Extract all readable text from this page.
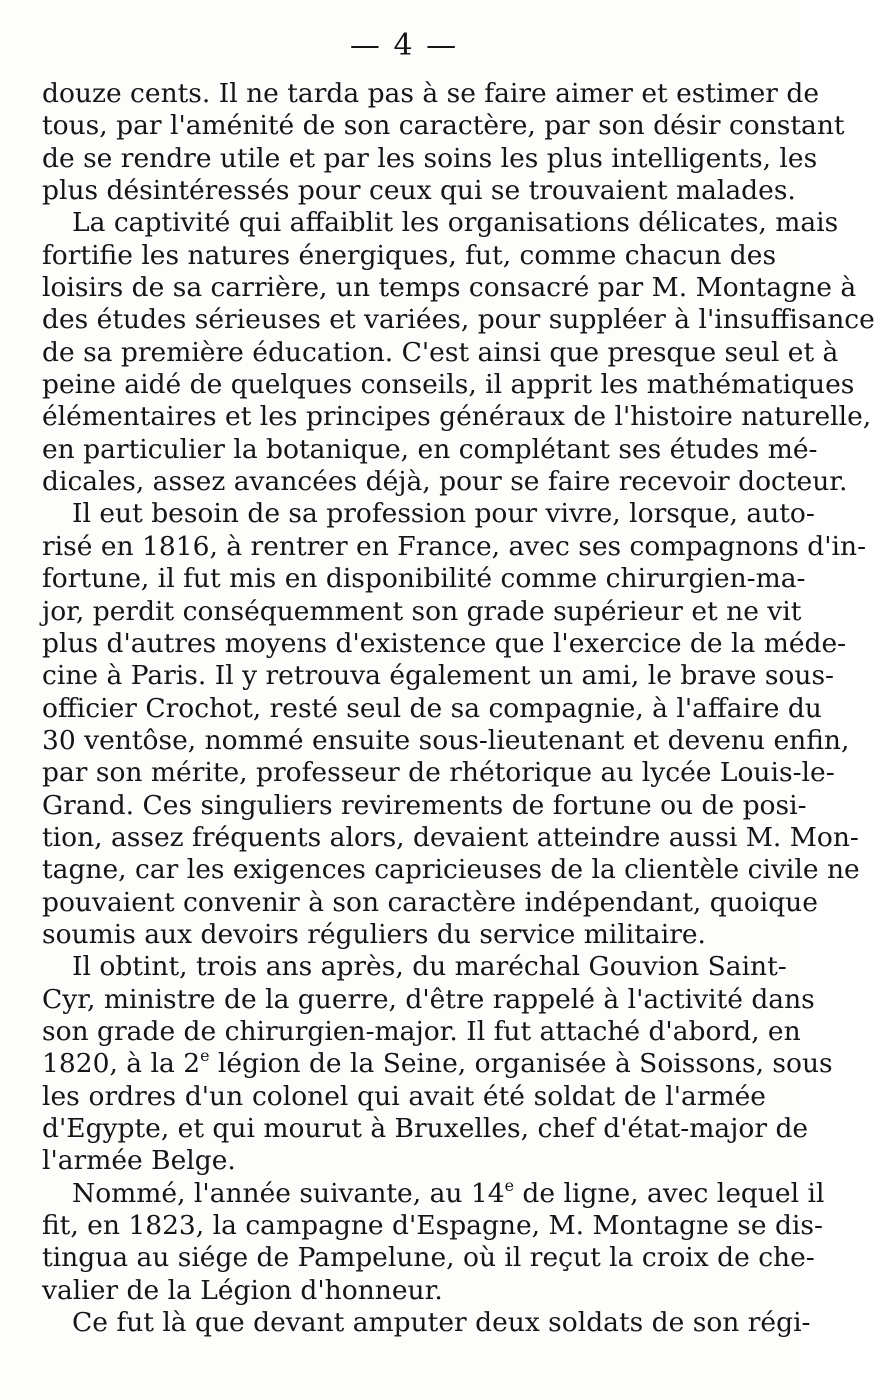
— 4 —
douze cents. Il ne tarda pas à se faire aimer et estimer de
tous, par l'aménité de son caractère, par son désir constant
de se rendre utile et par les soins les plus intelligents, les
plus désintéressés pour ceux qui se trouvaient malades.
La captivité qui affaiblit les organisations délicates, mais
fortifie les natures énergiques, fut, comme chacun des
loisirs de sa carrière, un temps consacré par M. Montagne à
des études sérieuses et variées, pour suppléer à l'insuffisance
de sa première éducation. C'est ainsi que presque seul et à
peine aidé de quelques conseils, il apprit les mathématiques
élémentaires et les principes généraux de l'histoire naturelle,
en particulier la botanique, en complétant ses études mé-
dicales, assez avancées déjà, pour se faire recevoir docteur.
Il eut besoin de sa profession pour vivre, lorsque, auto-
risé en 1816, à rentrer en France, avec ses compagnons d'in-
fortune, il fut mis en disponibilité comme chirurgien-ma-
jor, perdit conséquemment son grade supérieur et ne vit
plus d'autres moyens d'existence que l'exercice de la méde-
cine à Paris. Il y retrouva également un ami, le brave sous-
officier Crochot, resté seul de sa compagnie, à l'affaire du
30 ventôse, nommé ensuite sous-lieutenant et devenu enfin,
par son mérite, professeur de rhétorique au lycée Louis-le-
Grand. Ces singuliers revirements de fortune ou de posi-
tion, assez fréquents alors, devaient atteindre aussi M. Mon-
tagne, car les exigences capricieuses de la clientèle civile ne
pouvaient convenir à son caractère indépendant, quoique
soumis aux devoirs réguliers du service militaire.
Il obtint, trois ans après, du maréchal Gouvion Saint-
Cyr, ministre de la guerre, d'être rappelé à l'activité dans
son grade de chirurgien-major. Il fut attaché d'abord, en
1820, à la 2e légion de la Seine, organisée à Soissons, sous
les ordres d'un colonel qui avait été soldat de l'armée
d'Egypte, et qui mourut à Bruxelles, chef d'état-major de
l'armée Belge.
Nommé, l'année suivante, au 14e de ligne, avec lequel il
fit, en 1823, la campagne d'Espagne, M. Montagne se dis-
tingua au siége de Pampelune, où il reçut la croix de che-
valier de la Légion d'honneur.
Ce fut là que devant amputer deux soldats de son régi-
